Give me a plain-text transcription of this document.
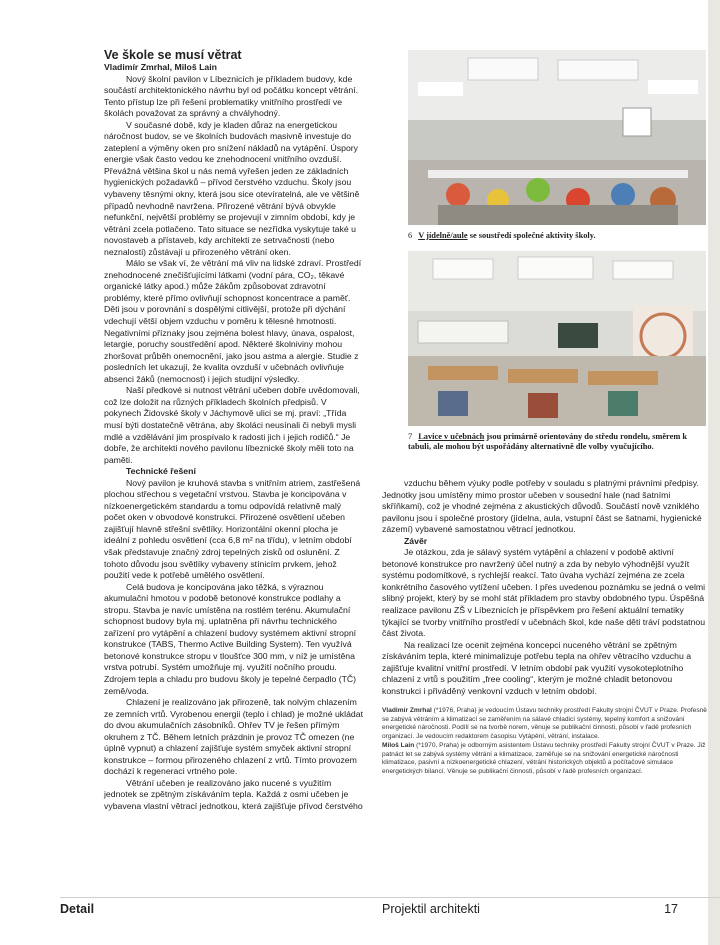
Ve škole se musí větrat

Vladimír Zmrhal, Miloš Lain

Nový školní pavilon v Líbeznicích je příkladem budovy, kde součástí architektonického návrhu byl od počátku koncept větrání. Tento přístup lze při řešení problematiky vnitřního prostředí ve školách považovat za správný a chvályhodný.

V současné době, kdy je kladen důraz na energetickou náročnost budov, se ve školních budovách masivně investuje do zateplení a výměny oken pro snížení nákladů na vytápění. Úspory energie však často vedou ke znehodnocení vnitřního ovzduší. Převážná většina škol u nás nemá vyřešen jeden ze základních hygienických požadavků – přívod čerstvého vzduchu. Školy jsou vybaveny těsnými okny, která jsou sice otevíratelná, ale ve většině případů nevhodně navržena. Přirozené větrání bývá obvykle nefunkční, největší problémy se projevují v zimním období, kdy je větrání zcela potlačeno. Tato situace se nezřídka vyskytuje také u novostaveb a přístaveb, kdy architekti ze setrvačnosti (nebo neznalosti) zůstávají u přirozeného větrání oken.

Málo se však ví, že větrání má vliv na lidské zdraví. Prostředí znehodnocené znečišťujícími látkami (vodní pára, CO₂, těkavé organické látky apod.) může žákům způsobovat zdravotní problémy, které přímo ovlivňují schopnost koncentrace a paměť. Děti jsou v porovnání s dospělými citlivější, protože při dýchání vdechují větší objem vzduchu v poměru k tělesné hmotnosti. Negativními příznaky jsou zejména bolest hlavy, únava, ospalost, letargie, poruchy soustředění apod. Některé školniviny mohou zhoršovat průběh onemocnění, jako jsou astma a alergie. Studie z posledních let ukazují, že kvalita ovzduší v učebnách ovlivňuje absenci žáků (nemocnost) i jejich studijní výsledky.

Naší předkové si nutnost větrání učeben dobře uvědomovali, což lze doložit na různých příkladech školních předpisů. V pokynech Židovské školy v Jáchymově ulici se mj. praví: „Třída musí býti dostatečně větrána, aby školáci neusínali či nebyli mysli mdlé a vzdělávání jim prospívalo k radosti jich i jejich rodičů.“ Je dobře, že architekti nového pavilonu líbeznické školy měli toto na paměti.

Technické řešení

Nový pavilon je kruhová stavba s vnitřním atriem, zastřešená plochou střechou s vegetační vrstvou. Stavba je koncipována v nízkoenergetickém standardu a tomu odpovídá relativně malý počet oken v obvodové konstrukci. Přirozené osvětlení učeben zajišťují hlavně střešní světlíky. Horizontální okenní plocha je ideální z pohledu osvětlení (cca 6,8 m² na třídu), v letním období však představuje značný zdroj tepelných zisků od oslunění. Z tohoto důvodu jsou světlíky vybaveny stínicím prvkem, jehož použití vede k potřebě umělého osvětlení.

Celá budova je koncipována jako těžká, s výraznou akumulační hmotou v podobě betonové konstrukce podlahy a stropu. Stavba je navíc umístěna na rostlém terénu. Akumulační schopnost budovy byla mj. uplatněna při návrhu technického zařízení pro vytápění a chlazení budovy systémem aktivní stropní konstrukce (TABS, Thermo Active Building System). Ten využívá betonové konstrukce stropu v tloušťce 300 mm, v níž je umístěna vrstva potrubí. Systém umožňuje mj. využití nočního proudu. Zdrojem tepla a chladu pro budovu školy je tepelné čerpadlo (TČ) země/voda.

Chlazení je realizováno jak přirozeně, tak nolvým chlazením ze zemních vrtů. Vyrobenou energii (teplo i chlad) je možné ukládat do dvou akumulačních zásobníků. Ohřev TV je řešen přímým okruhem z TČ. Během letních prázdnin je provoz TČ omezen (ne úplně vypnut) a chlazení zajišťuje systém smyček aktivní stropní konstrukce – formou přirozeného chlazení z vrtů. Tímto provozem dochází k regeneraci vrtného pole.

Větrání učeben je realizováno jako nucené s využitím jednotek se zpětným získáváním tepla. Každá z osmi učeben je vybavena vlastní větrací jednotkou, která zajišťuje přívod čerstvého

6 V jídelně/aule se soustředí společné aktivity školy.
7 Lavice v učebnách jsou primárně orientovány do středu rondelu, směrem k tabuli, ale mohou být uspořádány alternativně dle volby vyučujícího.

vzduchu během výuky podle potřeby v souladu s platnými právními předpisy. Jednotky jsou umístěny mimo prostor učeben v sousední hale (nad šatními skříňkami), což je vhodné zejména z akustických důvodů. Součástí nově vzniklého pavilonu jsou i společné prostory (jídelna, aula, vstupní část se šatnami, hygienické zázemí) vybavené samostatnou větrací jednotkou.

Závěr

Je otázkou, zda je sálavý systém vytápění a chlazení v podobě aktivní betonové konstrukce pro navržený účel nutný a zda by nebylo výhodnější využít systému podomítkové, s rychlejší reakcí. Tato úvaha vychází zejména ze zcela konkrétního časového vytížení učeben. I přes uvedenou poznámku se jedná o velmi slibný projekt, který by se mohl stát příkladem pro stavby obdobného typu. Úspěšná realizace pavilonu ZŠ v Líbeznicích je příspěvkem pro řešení aktuální tematiky týkající se tvorby vnitřního prostředí v učebnách škol, kde naše děti tráví podstatnou část života.

Na realizaci lze ocenit zejména koncepci nuceného větrání se zpětným získáváním tepla, které minimalizuje potřebu tepla na ohřev větracího vzduchu a zajišťuje kvalitní vnitřní prostředí. V letním období pak využití vysokoteplotního chlazení z vrtů s použitím „free cooling“, kterým je možné chladit betonovou konstrukci i přiváděný venkovní vzduch v letním období.

Vladimír Zmrhal (*1976, Praha) je vedoucím Ústavu techniky prostředí Fakulty strojní ČVUT v Praze. Profesně se zabývá větráním a klimatizací se zaměřením na sálavé chladicí systémy, tepelný komfort a snižování energetické náročnosti. Podílí se na tvorbě norem, věnuje se publikační činnosti, působí v řadě profesních organizací. Je vedoucím redaktorem časopisu Vytápění, větrání, instalace.

Miloš Lain (*1970, Praha) je odborným asistentem Ústavu techniky prostředí Fakulty strojní ČVUT v Praze. Již patnáct let se zabývá systémy větrání a klimatizace, zaměřuje se na snižování energetické náročnosti klimatizace, pasivní a nízkoenergetické chlazení, větrání historických objektů a počítačové simulace energetických bilancí. Věnuje se publikační činnosti, působí v řadě profesních organizací.

Detail	Projektil architekti	17
